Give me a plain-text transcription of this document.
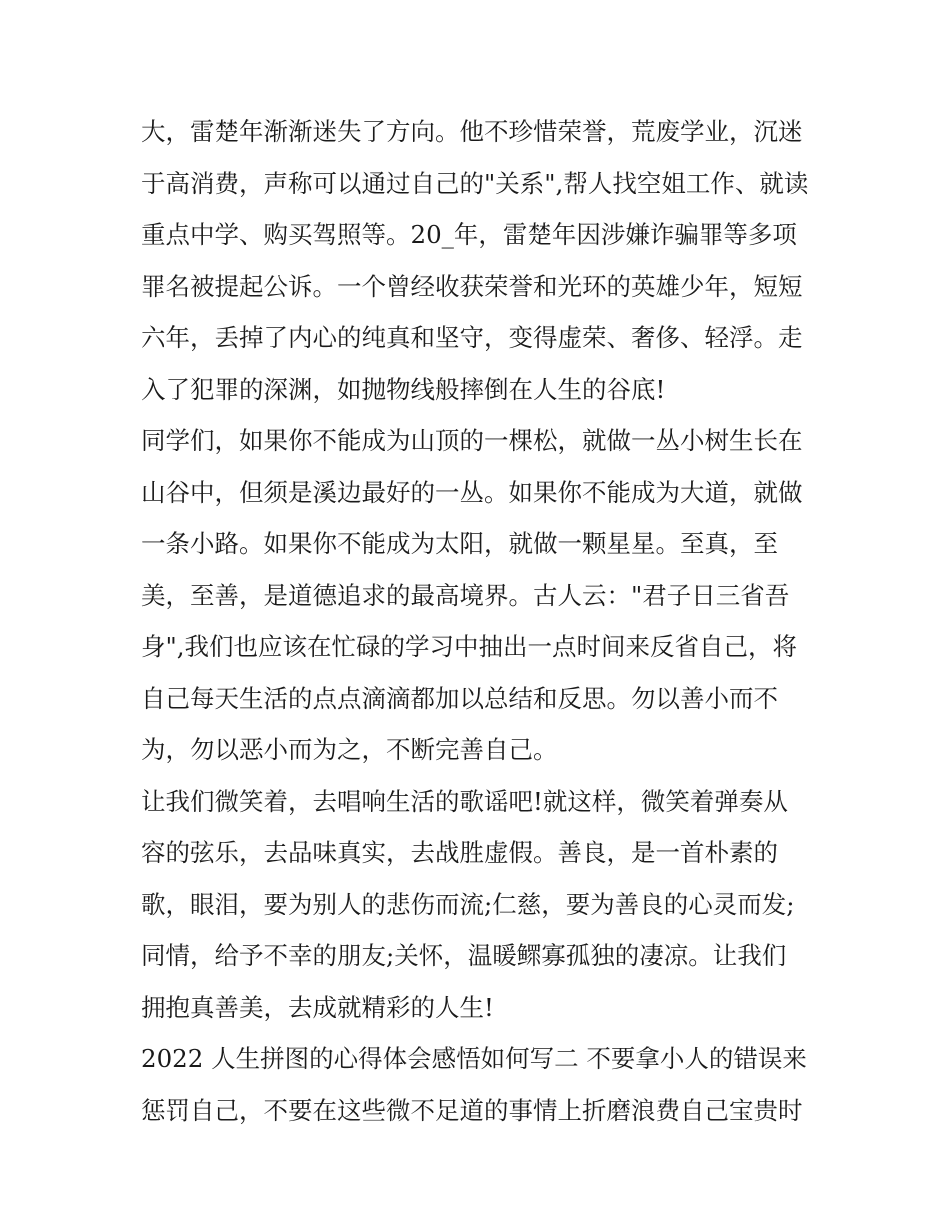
大，雷楚年渐渐迷失了方向。他不珍惜荣誉，荒废学业，沉迷
于高消费，声称可以通过自己的"关系",帮人找空姐工作、就读
重点中学、购买驾照等。20_年，雷楚年因涉嫌诈骗罪等多项
罪名被提起公诉。一个曾经收获荣誉和光环的英雄少年，短短
六年，丢掉了内心的纯真和坚守，变得虚荣、奢侈、轻浮。走
入了犯罪的深渊，如抛物线般摔倒在人生的谷底!
同学们，如果你不能成为山顶的一棵松，就做一丛小树生长在
山谷中，但须是溪边最好的一丛。如果你不能成为大道，就做
一条小路。如果你不能成为太阳，就做一颗星星。至真，至
美，至善，是道德追求的最高境界。古人云："君子日三省吾
身",我们也应该在忙碌的学习中抽出一点时间来反省自己，将
自己每天生活的点点滴滴都加以总结和反思。勿以善小而不
为，勿以恶小而为之，不断完善自己。
让我们微笑着，去唱响生活的歌谣吧!就这样，微笑着弹奏从
容的弦乐，去品味真实，去战胜虚假。善良，是一首朴素的
歌，眼泪，要为别人的悲伤而流;仁慈，要为善良的心灵而发;
同情，给予不幸的朋友;关怀，温暖鳏寡孤独的凄凉。让我们
拥抱真善美，去成就精彩的人生!
2022 人生拼图的心得体会感悟如何写二 不要拿小人的错误来
惩罚自己，不要在这些微不足道的事情上折磨浪费自己宝贵时
